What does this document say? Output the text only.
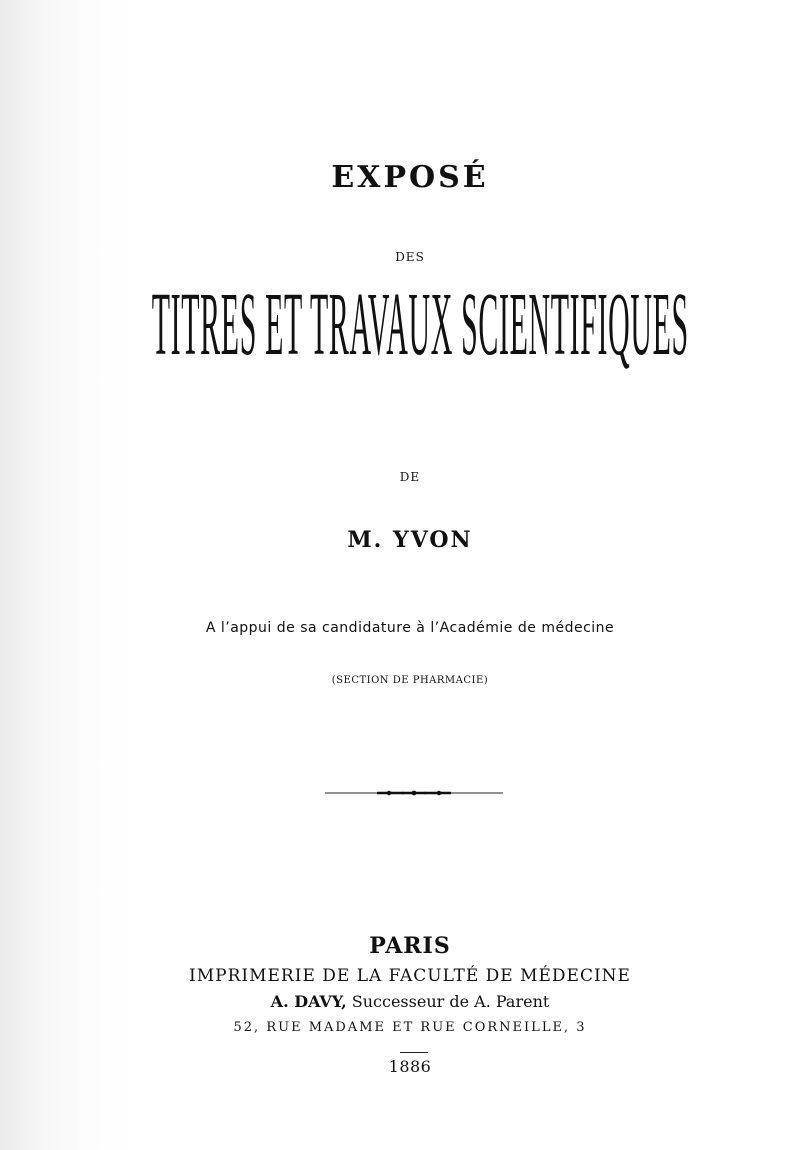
EXPOSÉ
DES
TITRES ET TRAVAUX SCIENTIFIQUES
DE
M. YVON
A l’appui de sa candidature à l’Académie de médecine
(SECTION DE PHARMACIE)
PARIS
IMPRIMERIE DE LA FACULTÉ DE MÉDECINE
A. DAVY, Successeur de A. Parent
52, RUE MADAME ET RUE CORNEILLE, 3
1886
